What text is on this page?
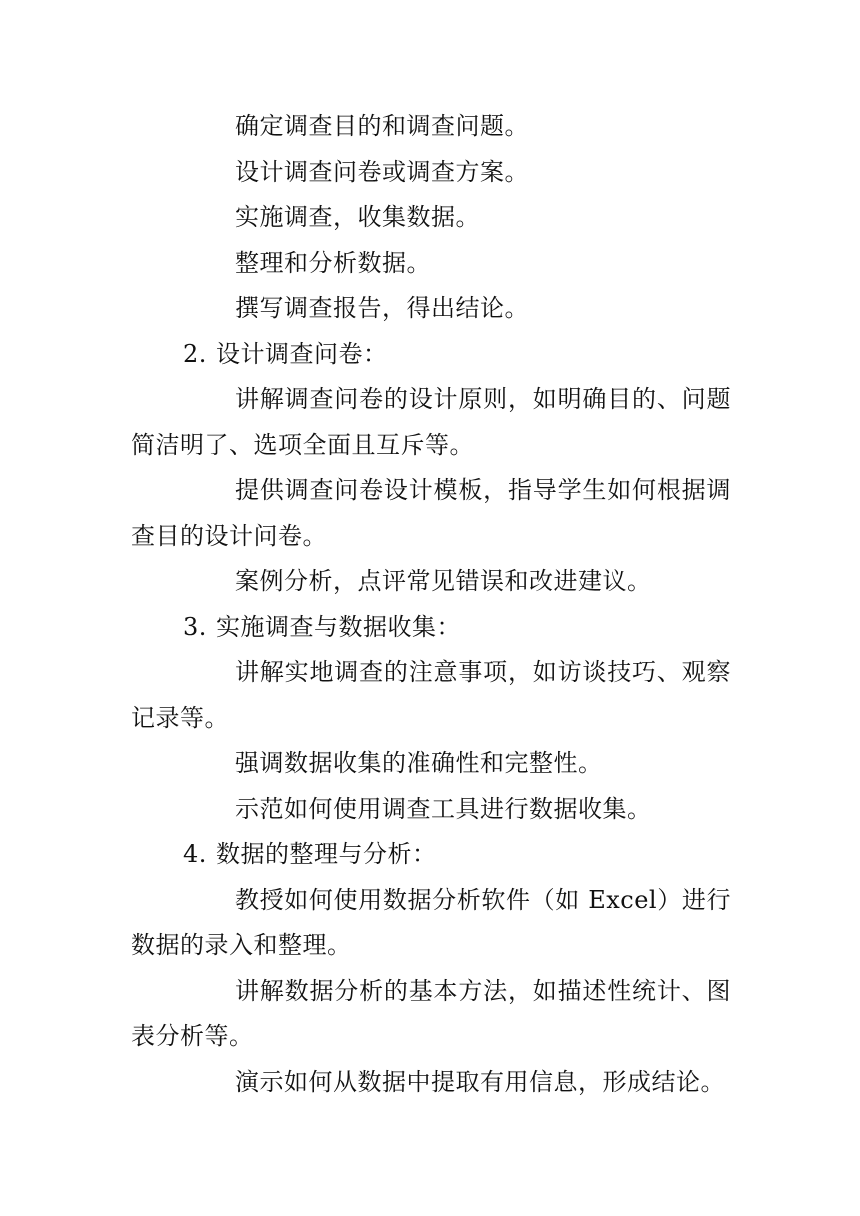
确定调查目的和调查问题。

设计调查问卷或调查方案。

实施调查，收集数据。

整理和分析数据。

撰写调查报告，得出结论。

2. 设计调查问卷：

讲解调查问卷的设计原则，如明确目的、问题简洁明了、选项全面且互斥等。

提供调查问卷设计模板，指导学生如何根据调查目的设计问卷。

案例分析，点评常见错误和改进建议。

3. 实施调查与数据收集：

讲解实地调查的注意事项，如访谈技巧、观察记录等。

强调数据收集的准确性和完整性。

示范如何使用调查工具进行数据收集。

4. 数据的整理与分析：

教授如何使用数据分析软件（如 Excel）进行数据的录入和整理。

讲解数据分析的基本方法，如描述性统计、图表分析等。

演示如何从数据中提取有用信息，形成结论。
